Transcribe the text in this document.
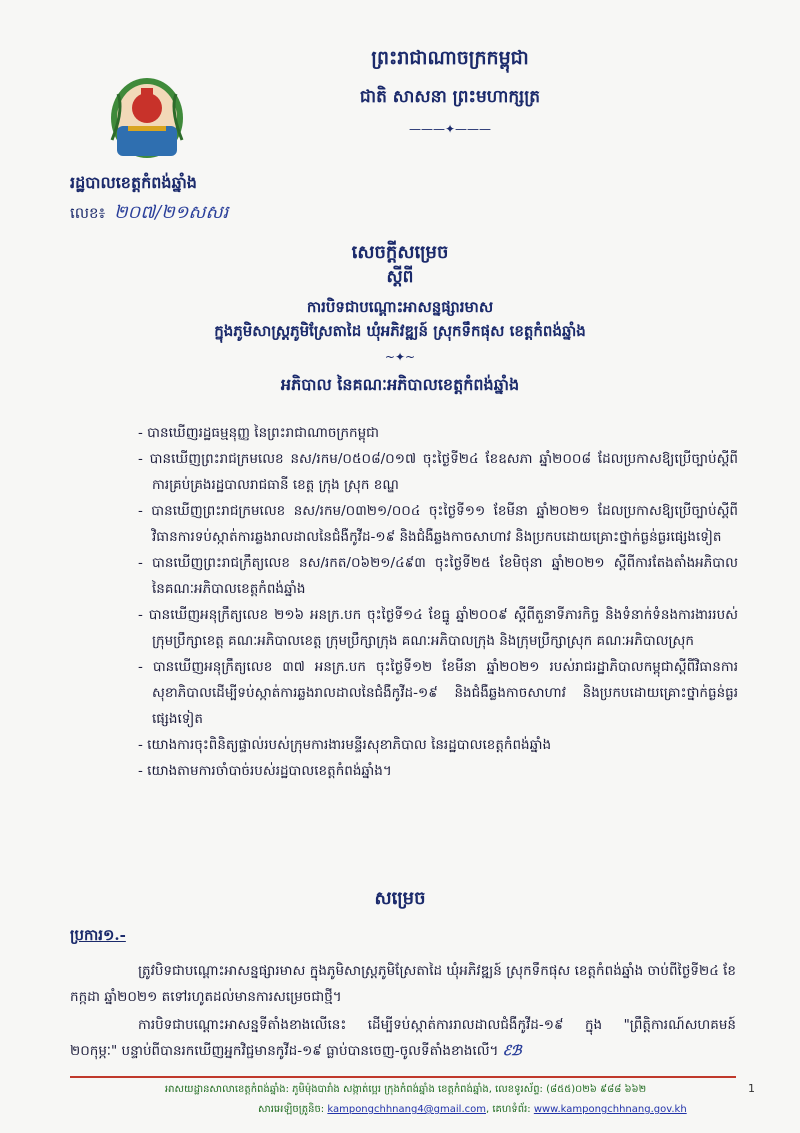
ព្រះរាជាណាចក្រកម្ពុជា
ជាតិ សាសនា ព្រះមហាក្សត្រ
———✦———
រដ្ឋបាលខេត្តកំពង់ឆ្នាំង
លេខ៖ ២០៧/២១សសរ
សេចក្ដីសម្រេច
ស្ដីពី
ការបិទជាបណ្ដោះអាសន្នផ្សារមាស
ក្នុងភូមិសាស្ត្រភូមិស្រែតាដៃ ឃុំអភិវឌ្ឍន៍ ស្រុកទឹកផុស ខេត្តកំពង់ឆ្នាំង
~✦~
អភិបាល នៃគណៈអភិបាលខេត្តកំពង់ឆ្នាំង

- បានឃើញរដ្ឋធម្មនុញ្ញ នៃព្រះរាជាណាចក្រកម្ពុជា

- បានឃើញព្រះរាជក្រមលេខ នស/រកម/០៥០៨/០១៧ ចុះថ្ងៃទី២៤ ខែឧសភា ឆ្នាំ២០០៨ ដែលប្រកាសឱ្យប្រើច្បាប់ស្ដីពីការគ្រប់គ្រងរដ្ឋបាលរាជធានី ខេត្ត ក្រុង ស្រុក ខណ្ឌ

- បានឃើញព្រះរាជក្រមលេខ នស/រកម/០៣២១/០០៤ ចុះថ្ងៃទី១១ ខែមីនា ឆ្នាំ២០២១ ដែលប្រកាសឱ្យប្រើច្បាប់ស្ដីពីវិធានការទប់ស្កាត់ការឆ្លងរាលដាលនៃជំងឺកូវីដ-១៩ និងជំងឺឆ្លងកាចសាហាវ និងប្រកបដោយគ្រោះថ្នាក់ធ្ងន់ធ្ងរផ្សេងទៀត

- បានឃើញព្រះរាជក្រឹត្យលេខ នស/រកត/០៦២១/៤៩៣ ចុះថ្ងៃទី២៥ ខែមិថុនា ឆ្នាំ២០២១ ស្ដីពីការតែងតាំងអភិបាល នៃគណៈអភិបាលខេត្តកំពង់ឆ្នាំង

- បានឃើញអនុក្រឹត្យលេខ ២១៦ អនក្រ.បក ចុះថ្ងៃទី១៤ ខែធ្នូ ឆ្នាំ២០០៩ ស្ដីពីតួនាទីភារកិច្ច និងទំនាក់ទំនងការងាររបស់ក្រុមប្រឹក្សាខេត្ត គណៈអភិបាលខេត្ត ក្រុមប្រឹក្សាក្រុង គណៈអភិបាលក្រុង និងក្រុមប្រឹក្សាស្រុក គណៈអភិបាលស្រុក

- បានឃើញអនុក្រឹត្យលេខ ៣៧ អនក្រ.បក ចុះថ្ងៃទី១២ ខែមីនា ឆ្នាំ២០២១ របស់រាជរដ្ឋាភិបាលកម្ពុជាស្ដីពីវិធានការសុខាភិបាលដើម្បីទប់ស្កាត់ការឆ្លងរាលដាលនៃជំងឺកូវីដ-១៩ និងជំងឺឆ្លងកាចសាហាវ និងប្រកបដោយគ្រោះថ្នាក់ធ្ងន់ធ្ងរផ្សេងទៀត

- យោងការចុះពិនិត្យផ្ទាល់របស់ក្រុមការងារមន្ទីរសុខាភិបាល នៃរដ្ឋបាលខេត្តកំពង់ឆ្នាំង

- យោងតាមការចាំបាច់របស់រដ្ឋបាលខេត្តកំពង់ឆ្នាំង។

សម្រេច
ប្រការ១.-
ត្រូវបិទជាបណ្ដោះអាសន្នផ្សារមាស ក្នុងភូមិសាស្ត្រភូមិស្រែតាដៃ ឃុំអភិវឌ្ឍន៍ ស្រុកទឹកផុស ខេត្តកំពង់ឆ្នាំង ចាប់ពីថ្ងៃទី២៤ ខែកក្កដា ឆ្នាំ២០២១ តទៅរហូតដល់មានការសម្រេចជាថ្មី។
ការបិទជាបណ្ដោះអាសន្នទីតាំងខាងលើនេះ ដើម្បីទប់ស្កាត់ការរាលដាលជំងឺកូវីដ-១៩ ក្នុង "ព្រឹត្តិការណ៍សហគមន៍ ២០កុម្ភៈ" បន្ទាប់ពីបានរកឃើញអ្នកវិជ្ជមានកូវីដ-១៩ ធ្លាប់បានចេញ-ចូលទីតាំងខាងលើ។ ℰℬ
អាសយដ្ឋានសាលាខេត្តកំពង់ឆ្នាំង: ភូមិម៉ុងបារាំង សង្កាត់ប្អេរ ក្រុងកំពង់ឆ្នាំង ខេត្តកំពង់ឆ្នាំង, លេខទូរស័ព្ទ: (៨៥៥)០២៦ ៩៨៨ ៦៦២
សារអេឡិចត្រូនិច: kampongchhnang4@gmail.com, គេហទំព័រ: www.kampongchhnang.gov.kh
1
